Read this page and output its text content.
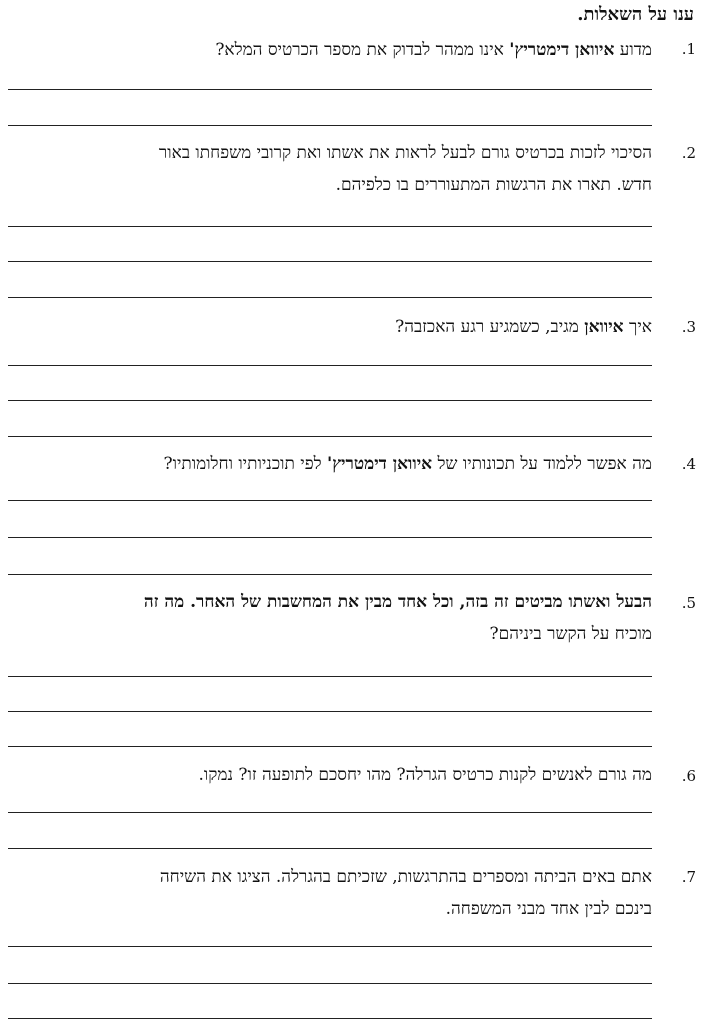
ענו על השאלות.
.1
מדוע איוואן דימטריץ' אינו ממהר לבדוק את מספר הכרטיס המלא?
.2
הסיכוי לזכות בכרטיס גורם לבעל לראות את אשתו ואת קרובי משפחתו באור
חדש. תארו את הרגשות המתעוררים בו כלפיהם.
.3
איך איוואן מגיב, כשמגיע רגע האכזבה?
.4
מה אפשר ללמוד על תכונותיו של איוואן דימטריץ' לפי תוכניותיו וחלומותיו?
.5
הבעל ואשתו מביטים זה בזה, וכל אחד מבין את המחשבות של האחר. מה זה
מוכיח על הקשר ביניהם?
.6
מה גורם לאנשים לקנות כרטיס הגרלה? מהו יחסכם לתופעה זו? נמקו.
.7
אתם באים הביתה ומספרים בהתרגשות, שזכיתם בהגרלה. הציגו את השיחה
בינכם לבין אחד מבני המשפחה.
